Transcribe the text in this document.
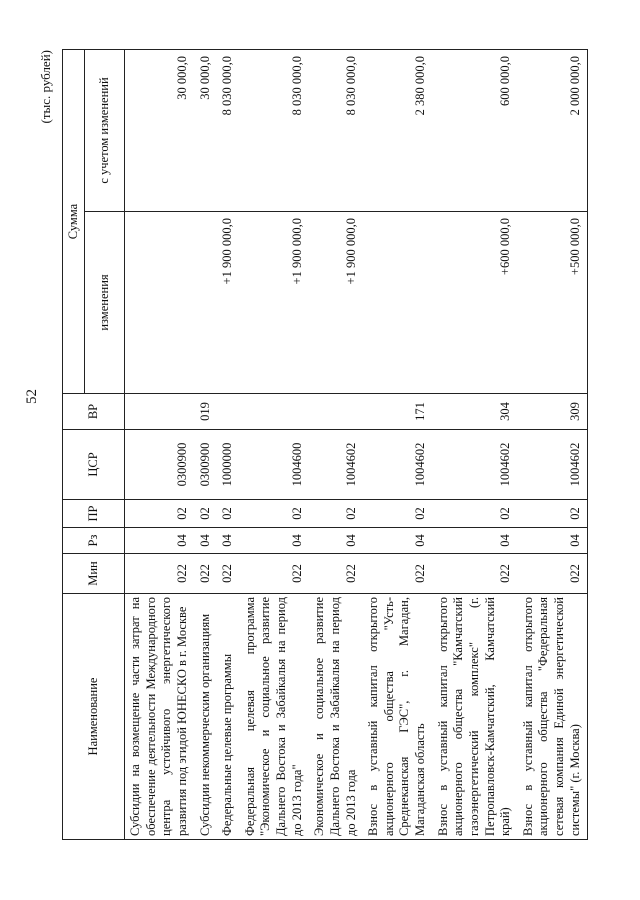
52
(тыс. рублей)
Наименование	Мин	Рз	ПР	ЦСР	ВР	Сумма	
						изменения	с учетом изменений
Субсидии на возмещение части затрат на обеспечение деятельности Международного центра устойчивого энергетического развития под эгидой ЮНЕСКО в г. Москве	022	04	02	0300900			30 000,0
Субсидии некоммерческим организациям	022	04	02	0300900	019		30 000,0
Федеральные целевые программы	022	04	02	1000000		+1 900 000,0	8 030 000,0
Федеральная целевая программа "Экономическое и социальное развитие Дальнего Востока и Забайкалья на период до 2013 года"	022	04	02	1004600		+1 900 000,0	8 030 000,0
Экономическое и социальное развитие Дальнего Востока и Забайкалья на период до 2013 года	022	04	02	1004602		+1 900 000,0	8 030 000,0
Взнос в уставный капитал открытого акционерного общества "Усть-Среднеканская ГЭС", г. Магадан, Магаданская область	022	04	02	1004602	171		2 380 000,0
Взнос в уставный капитал открытого акционерного общества "Камчатский газоэнергетический комплекс" (г. Петропавловск-Камчатский, Камчатский край)	022	04	02	1004602	304	+600 000,0	600 000,0
Взнос в уставный капитал открытого акционерного общества "Федеральная сетевая компания Единой энергетической системы" (г. Москва)	022	04	02	1004602	309	+500 000,0	2 000 000,0
